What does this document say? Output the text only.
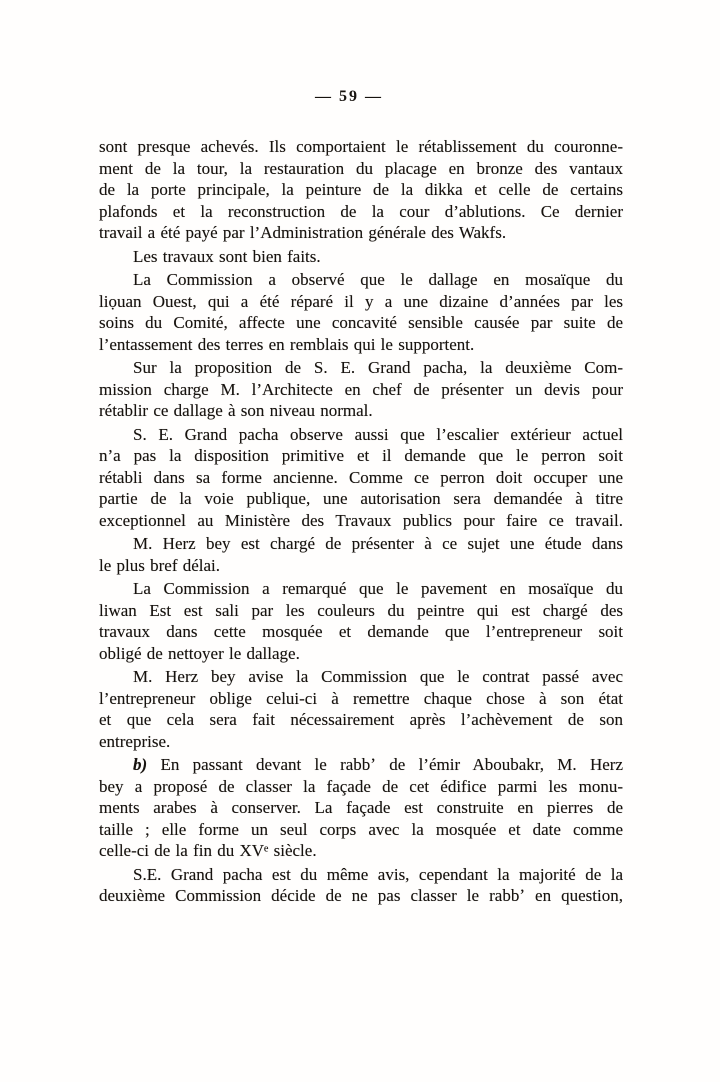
— 59 —
sont presque achevés. Ils comportaient le rétablissement du couronne-
ment de la tour, la restauration du placage en bronze des vantaux
de la porte principale, la peinture de la dikka et celle de certains
plafonds et la reconstruction de la cour d’ablutions. Ce dernier
travail a été payé par l’Administration générale des Wakfs.
Les travaux sont bien faits.
La Commission a observé que le dallage en mosaïque du
liọuan Ouest, qui a été réparé il y a une dizaine d’années par les
soins du Comité, affecte une concavité sensible causée par suite de
l’entassement des terres en remblais qui le supportent.
Sur la proposition de S. E. Grand pacha, la deuxième Com-
mission charge M. l’Architecte en chef de présenter un devis pour
rétablir ce dallage à son niveau normal.
S. E. Grand pacha observe aussi que l’escalier extérieur actuel
n’a pas la disposition primitive et il demande que le perron soit
rétabli dans sa forme ancienne. Comme ce perron doit occuper une
partie de la voie publique, une autorisation sera demandée à titre
exceptionnel au Ministère des Travaux publics pour faire ce travail.
M. Herz bey est chargé de présenter à ce sujet une étude dans
le plus bref délai.
La Commission a remarqué que le pavement en mosaïque du
liwan Est est sali par les couleurs du peintre qui est chargé des
travaux dans cette mosquée et demande que l’entrepreneur soit
obligé de nettoyer le dallage.
M. Herz bey avise la Commission que le contrat passé avec
l’entrepreneur oblige celui-ci à remettre chaque chose à son état
et que cela sera fait nécessairement après l’achèvement de son
entreprise.
b) En passant devant le rabbʼ de l’émir Aboubakr, M. Herz
bey a proposé de classer la façade de cet édifice parmi les monu-
ments arabes à conserver. La façade est construite en pierres de
taille ; elle forme un seul corps avec la mosquée et date comme
celle-ci de la fin du XVᵉ siècle.
S.E. Grand pacha est du même avis, cependant la majorité de la
deuxième Commission décide de ne pas classer le rabbʼ en question,
